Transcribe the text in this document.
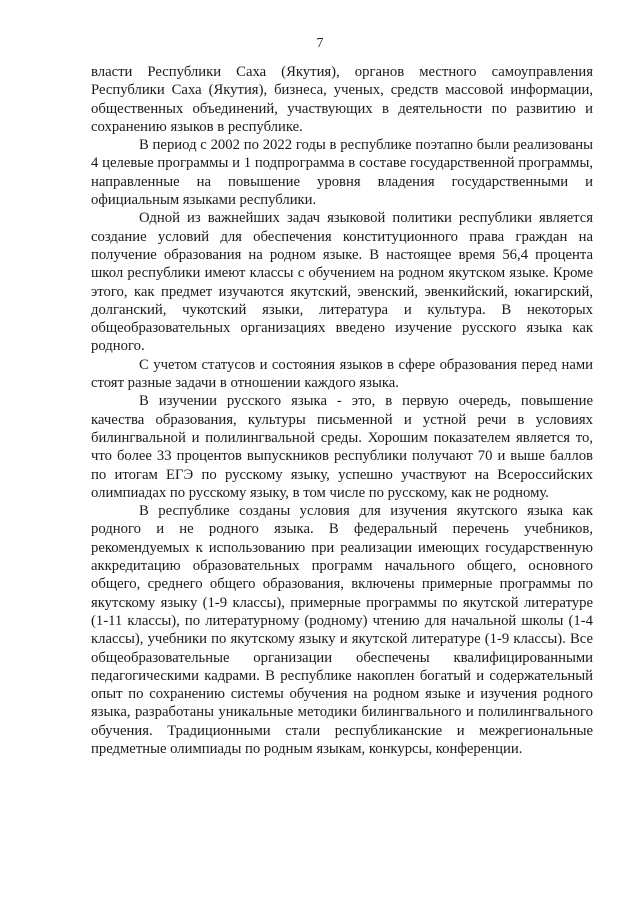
7

власти Республики Саха (Якутия), органов местного самоуправления Республики Саха (Якутия), бизнеса, ученых, средств массовой информации, общественных объединений, участвующих в деятельности по развитию и сохранению языков в республике.

В период с 2002 по 2022 годы в республике поэтапно были реализованы 4 целевые программы и 1 подпрограмма в составе государственной программы, направленные на повышение уровня владения государственными и официальным языками республики.

Одной из важнейших задач языковой политики республики является создание условий для обеспечения конституционного права граждан на получение образования на родном языке. В настоящее время 56,4 процента школ республики имеют классы с обучением на родном якутском языке. Кроме этого, как предмет изучаются якутский, эвенский, эвенкийский, юкагирский, долганский, чукотский языки, литература и культура. В некоторых общеобразовательных организациях введено изучение русского языка как родного.

С учетом статусов и состояния языков в сфере образования перед нами стоят разные задачи в отношении каждого языка.

В изучении русского языка - это, в первую очередь, повышение качества образования, культуры письменной и устной речи в условиях билингвальной и полилингвальной среды. Хорошим показателем является то, что более 33 процентов выпускников республики получают 70 и выше баллов по итогам ЕГЭ по русскому языку, успешно участвуют на Всероссийских олимпиадах по русскому языку, в том числе по русскому, как не родному.

В республике созданы условия для изучения якутского языка как родного и не родного языка. В федеральный перечень учебников, рекомендуемых к использованию при реализации имеющих государственную аккредитацию образовательных программ начального общего, основного общего, среднего общего образования, включены примерные программы по якутскому языку (1-9 классы), примерные программы по якутской литературе (1-11 классы), по литературному (родному) чтению для начальной школы (1-4 классы), учебники по якутскому языку и якутской литературе (1-9 классы). Все общеобразовательные организации обеспечены квалифицированными педагогическими кадрами. В республике накоплен богатый и содержательный опыт по сохранению системы обучения на родном языке и изучения родного языка, разработаны уникальные методики билингвального и полилингвального обучения. Традиционными стали республиканские и межрегиональные предметные олимпиады по родным языкам, конкурсы, конференции.
